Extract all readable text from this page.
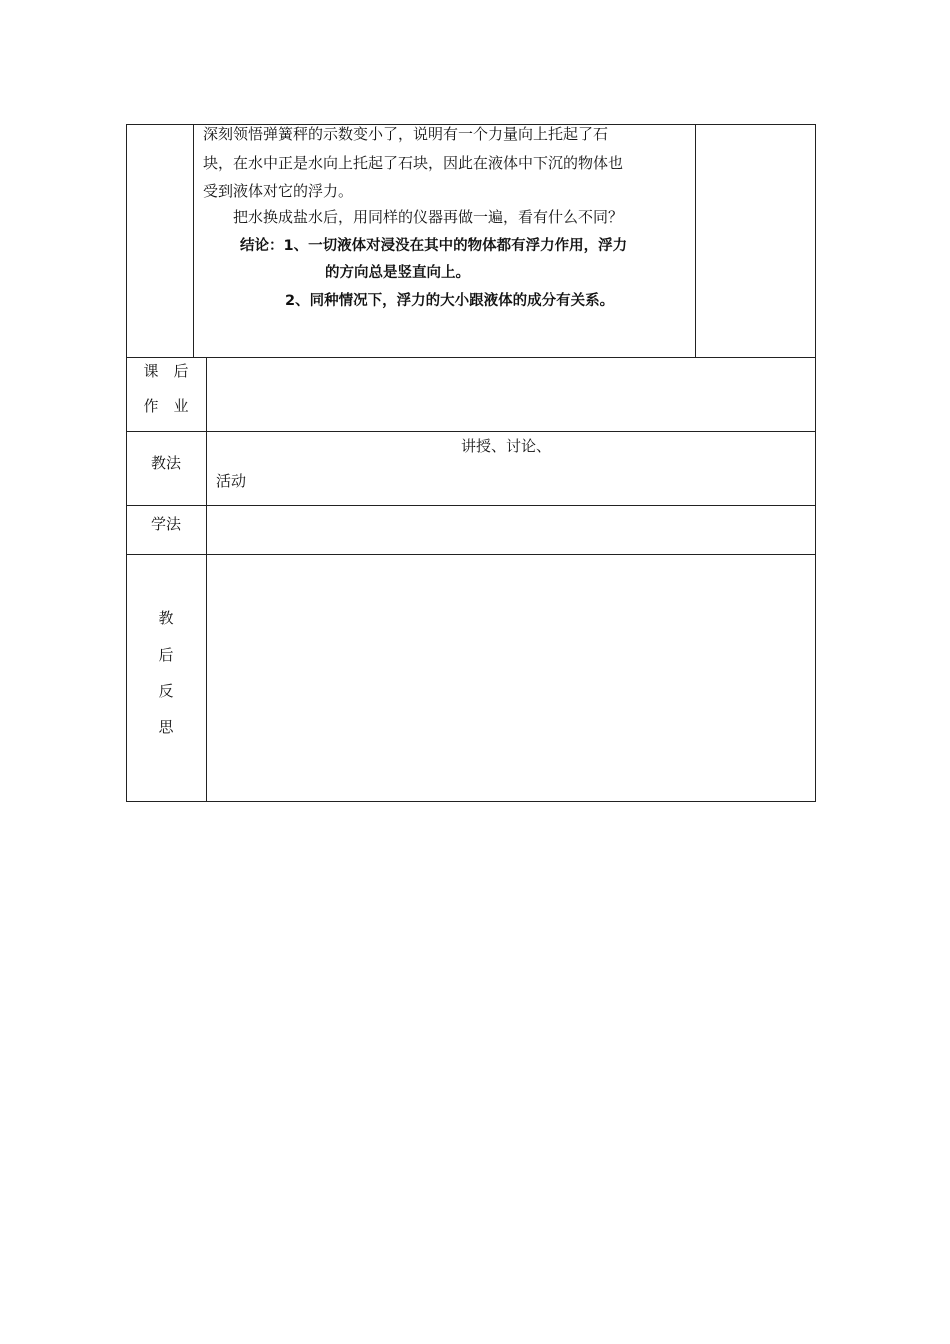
深刻领悟弹簧秤的示数变小了，说明有一个力量向上托起了石
块，在水中正是水向上托起了石块，因此在液体中下沉的物体也
受到液体对它的浮力。
把水换成盐水后，用同样的仪器再做一遍，看有什么不同？
结论：1、一切液体对浸没在其中的物体都有浮力作用，浮力
的方向总是竖直向上。
2、同种情况下，浮力的大小跟液体的成分有关系。
课　后
作　业
教法
讲授、讨论、
活动
学法
教
后
反
思
